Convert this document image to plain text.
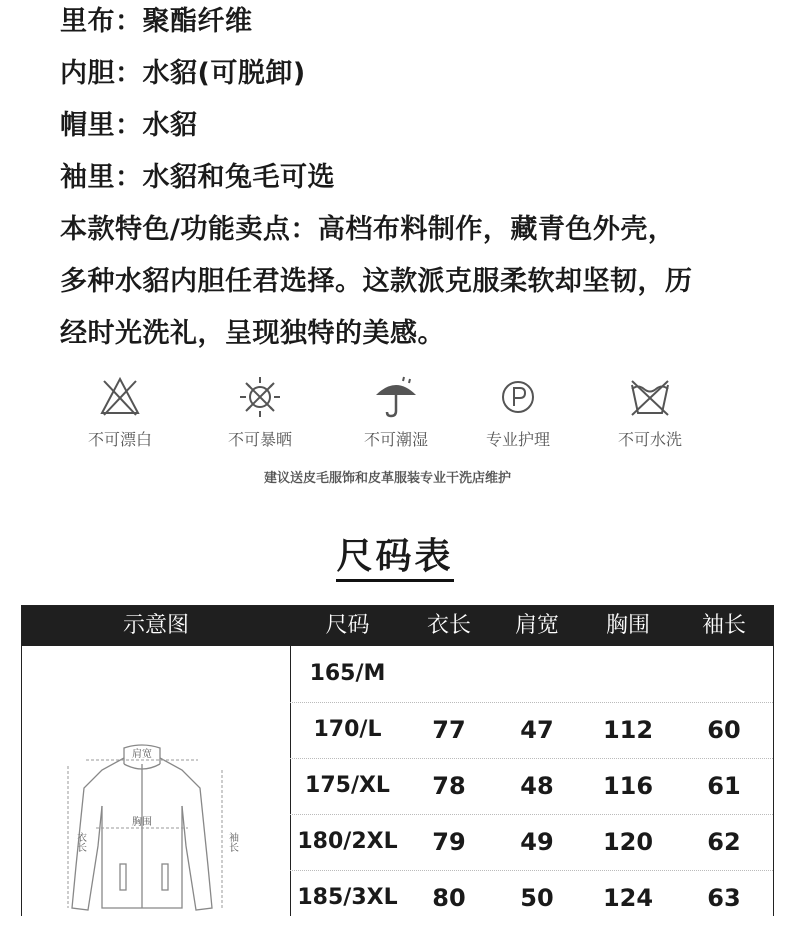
里布：聚酯纤维
内胆：水貂(可脱卸)
帽里：水貂
袖里：水貂和兔毛可选
本款特色/功能卖点：高档布料制作，藏青色外壳，
多种水貂内胆任君选择。这款派克服柔软却坚韧，历
经时光洗礼，呈现独特的美感。
不可漂白	不可暴晒	不可潮湿	专业护理	不可水洗
建议送皮毛服饰和皮革服装专业干洗店维护
尺码表
示意图	尺码	衣长	肩宽	胸围	袖长
肩宽
胸围
衣长	袖长
165/M
170/L	77	47	112	60
175/XL	78	48	116	61
180/2XL	79	49	120	62
185/3XL	80	50	124	63
